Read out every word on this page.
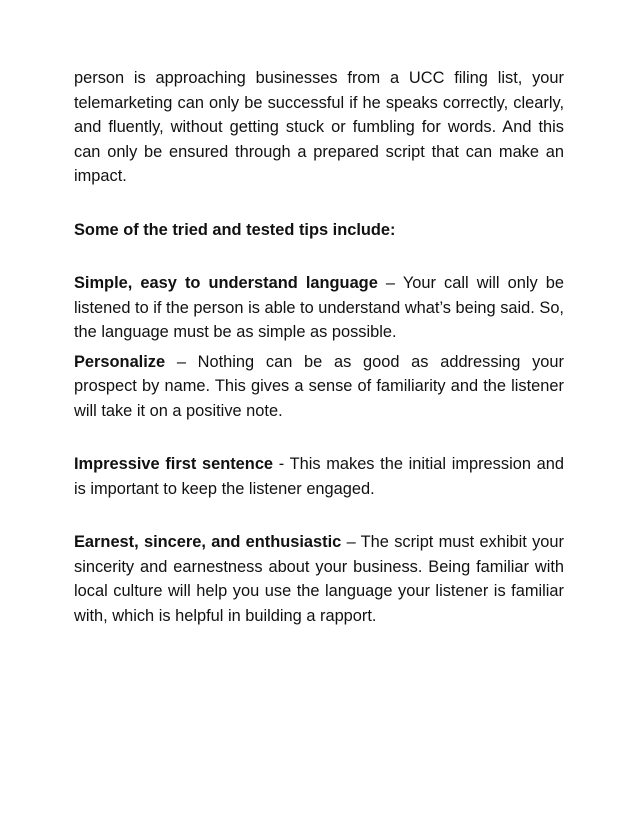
person is approaching businesses from a UCC filing list, your telemarketing can only be successful if he speaks correctly, clearly, and fluently, without getting stuck or fumbling for words. And this can only be ensured through a prepared script that can make an impact.

Some of the tried and tested tips include:

Simple, easy to understand language – Your call will only be listened to if the person is able to understand what’s being said. So, the language must be as simple as possible.

Personalize – Nothing can be as good as addressing your prospect by name. This gives a sense of familiarity and the listener will take it on a positive note.

Impressive first sentence - This makes the initial impression and is important to keep the listener engaged.

Earnest, sincere, and enthusiastic – The script must exhibit your sincerity and earnestness about your business. Being familiar with local culture will help you use the language your listener is familiar with, which is helpful in building a rapport.
